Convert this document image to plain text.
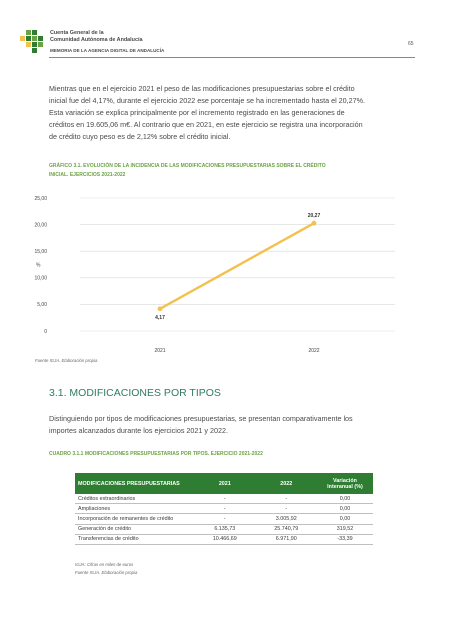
Cuenta General de la
Comunidad Autónoma de Andalucía
MEMORIA DE LA AGENCIA DIGITAL DE ANDALUCÍA
65
Mientras que en el ejercicio 2021 el peso de las modificaciones presupuestarias sobre el crédito
inicial fue del 4,17%, durante el ejercicio 2022 ese porcentaje se ha incrementado hasta el 20,27%.
Esta variación se explica principalmente por el incremento registrado en las generaciones de
créditos en 19.605,06 m€. Al contrario que en 2021, en este ejercicio se registra una incorporación
de crédito cuyo peso es de 2,12% sobre el crédito inicial.
GRÁFICO 3.1. EVOLUCIÓN DE LA INCIDENCIA DE LAS MODIFICACIONES PRESUPUESTARIAS SOBRE EL CRÉDITO
INICIAL. EJERCICIOS 2021-2022
0
5,00
10,00
15,00
20,00
25,00
%
2021	2022
4,17
20,27
Fuente IGJA. Elaboración propia
3.1. MODIFICACIONES POR TIPOS
Distinguiendo por tipos de modificaciones presupuestarias, se presentan comparativamente los
importes alcanzados durante los ejercicios 2021 y 2022.
CUADRO 3.1.1 MODIFICACIONES PRESUPUESTARIAS POR TIPOS. EJERCICIO 2021-2022
MODIFICACIONES PRESUPUESTARIAS	2021	2022	Variación Interanual (%)
Créditos extraordinarios	-	-	0,00
Ampliaciones	-	-	0,00
Incorporación de remanentes de crédito	-	3.005,92	0,00
Generación de crédito	6.135,73	25.740,79	319,52
Transferencias de crédito	10.466,69	6.971,90	-33,39
IGJA: Cifras en miles de euros
Fuente IGJA. Elaboración propia
